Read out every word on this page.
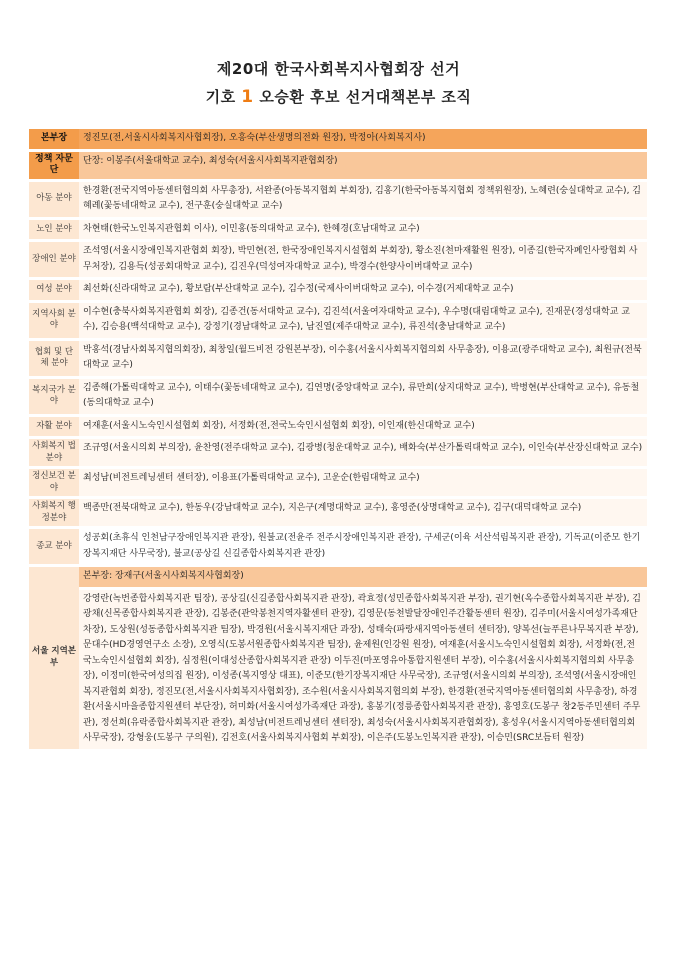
제20대 한국사회복지사협회장 선거
기호 1 오승환 후보 선거대책본부 조직
본부장	정진모(전,서울시사회복지사협회장), 오흥숙(부산생명의전화 원장), 박정아(사회복지사)
정책 자문단	단장: 이봉주(서울대학교 교수), 최성숙(서울시사회복지관협회장)
아동 분야	한경환(전국지역아동센터협의회 사무총장), 서완종(아동복지협회 부회장), 김홍기(한국아동복지협회 정책위원장), 노혜련(숭실대학교 교수), 김혜례(꽃동네대학교 교수), 전구훈(숭실대학교 교수)
노인 분야	차현태(한국노인복지관협회 이사), 이민홍(동의대학교 교수), 한혜경(호남대학교 교수)
장애인 분야	조석영(서울시장애인복지관협회 회장), 박민현(전, 한국장애인복지시설협회 부회장), 황소진(천마재활원 원장), 이종길(한국자폐인사랑협회 사무처장), 김용득(성공회대학교 교수), 김진우(덕성여자대학교 교수), 박경수(한양사이버대학교 교수)
여성 분야	최선화(신라대학교 교수), 황보람(부산대학교 교수), 김수정(국제사이버대학교 교수), 이수경(거제대학교 교수)
지역사회 분야	이수현(충북사회복지관협회 회장), 김종건(동서대학교 교수), 김진석(서울여자대학교 교수), 우수명(대림대학교 교수), 진재문(경성대학교 교수), 김승용(백석대학교 교수), 강정기(경남대학교 교수), 남진열(제주대학교 교수), 류진석(충남대학교 교수)
협회 및 단체 분야	박홍석(경남사회복지협의회장), 최창일(월드비전 강원본부장), 이수홍(서울시사회복지협의회 사무총장), 이용교(광주대학교 교수), 최원규(전북대학교 교수)
복지국가 분야	김종해(가톨릭대학교 교수), 이태수(꽃동네대학교 교수), 김연명(중앙대학교 교수), 류만희(상지대학교 교수), 박병현(부산대학교 교수), 유동철(동의대학교 교수)
자활 분야	여재훈(서울시노숙인시설협회 회장), 서정화(전,전국노숙인시설협회 회장), 이인재(한신대학교 교수)
사회복지 법 분야	조규영(서울시의회 부의장), 윤찬영(전주대학교 교수), 김광병(청운대학교 교수), 배화숙(부산가톨릭대학교 교수), 이인숙(부산장신대학교 교수)
정신보건 분야	최성남(비전트레닝센터 센터장), 이용표(가톨릭대학교 교수), 고운순(한림대학교 교수)
사회복지 행정분야	백종만(전북대학교 교수), 한동우(강남대학교 교수), 지은구(계명대학교 교수), 홍영준(상명대학교 교수), 김구(대덕대학교 교수)
종교 분야	성공회(초휴식 인천남구장애인복지관 관장), 원불교(전윤주 전주시장애인복지관 관장), 구세군(이육 서산석림복지관 관장), 기독교(이준모 한기장복지재단 사무국장), 불교(공상길 신길종합사회복지관 관장)
서울 지역본부	본부장: 장재구(서울시사회복지사협회장)
	강영란(녹번종합사회복지관 팀장), 공상길(신길종합사회복지관 관장), 곽효정(성민종합사회복지관 부장), 권기현(옥수종합사회복지관 부장), 김광채(신목종합사회복지관 관장), 김봉준(관악봉천지역자활센터 관장), 김영문(동천발달장애인주간활동센터 원장), 김주미(서울시여성가족재단 차장), 도상원(성동종합사회복지관 팀장), 박경원(서울시복지재단 과장), 성태숙(파랑새지역아동센터 센터장), 양복선(늘푸른나무복지관 부장), 문대수(HD경영연구소 소장), 오영식(도봉서원종합사회복지관 팀장), 윤제원(인강원 원장), 여재훈(서울시노숙인시설협회 회장), 서정화(전,전국노숙인시설협회 회장), 심정원(이대성산종합사회복지관 관장) 이두진(마포영유아통합지원센터 부장), 이수홍(서울시사회복지협의회 사무총장), 이정미(한국여성의집 원장), 이성종(복지영상 대표), 이준모(한기장복지재단 사무국장), 조규영(서울시의회 부의장), 조석영(서울시장애인복지관협회 회장), 정진모(전,서울시사회복지사협회장), 조수원(서울시사회복지협의회 부장), 한경환(전국지역아동센터협의회 사무총장), 하경환(서울시마을종합지원센터 부단장), 허미화(서울시여성가족재단 과장), 홍봉기(정릉종합사회복지관 관장), 홍영호(도봉구 창2동주민센터 주무관), 정선희(유락종합사회복지관 관장), 최성남(비전트레닝센터 센터장), 최성숙(서울시사회복지관협회장), 홍성우(서울시지역아동센터협의회 사무국장), 강형웅(도봉구 구의원), 김전호(서울사회복지사협회 부회장), 이은주(도봉노인복지관 관장), 이승민(SRC보듬터 원장)
